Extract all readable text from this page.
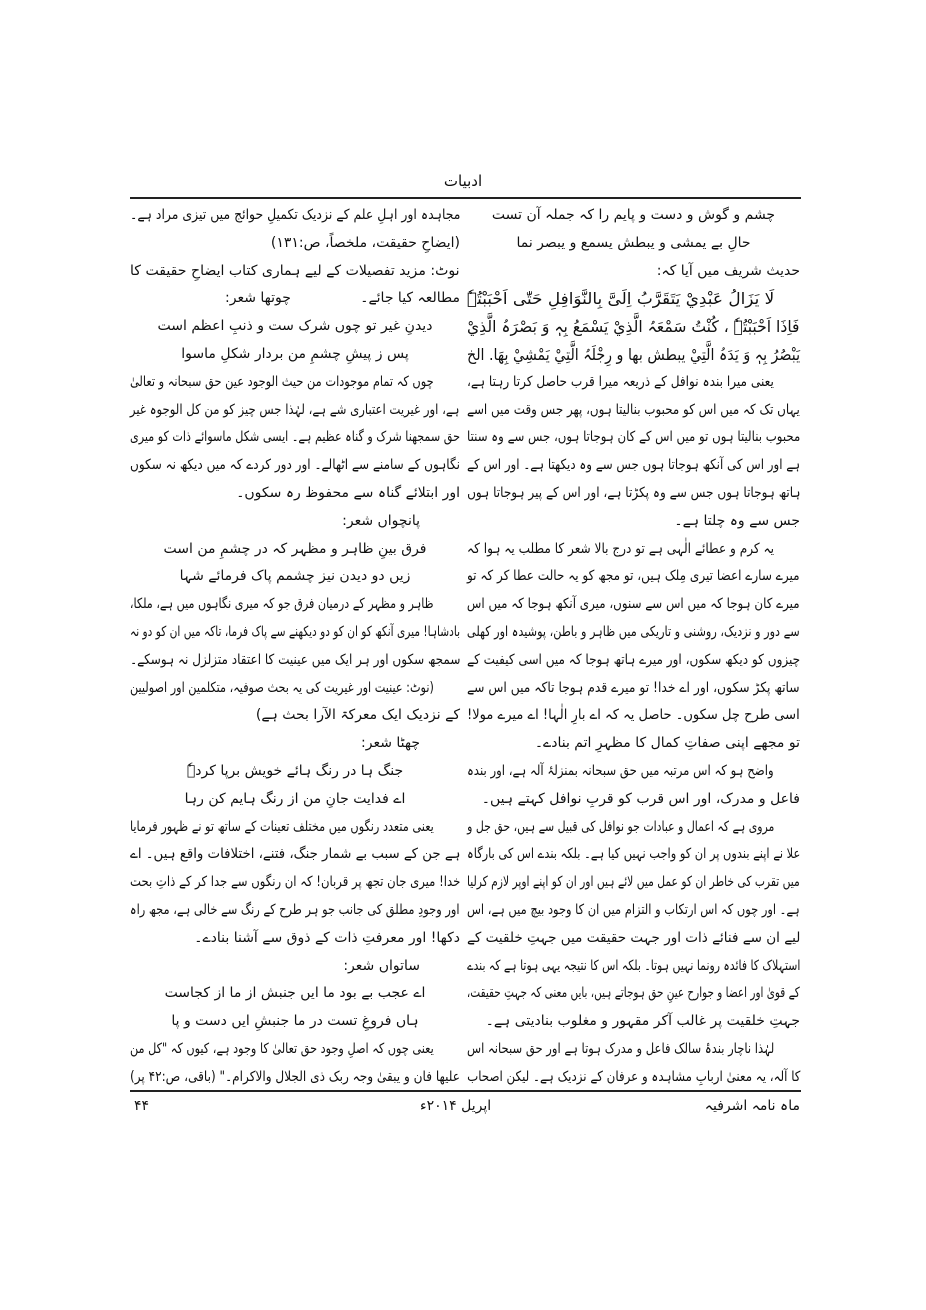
ادبیات
چشم و گوش و دست و پایم را کہ جملہ آن تست
حالِ بے یمشی و یبطش یسمع و یبصر نما
حدیث شریف میں آیا کہ:
لَا یَزَالُ عَبْدِيْ يَتَقَرَّبُ اِلَیَّ بِالنَّوَافِلِ حَتّٰی اَحْبَبْتُہٗ
فَاِذَا اَحْبَبْتُہٗ ، کُنْتُ سَمْعَہُ الَّذِيْ یَسْمَعُ بِہٖ وَ بَصْرَہُ الَّذِيْ
یَبْصُرُ بِہٖ وَ یَدَہُ الَّتِيْ یبطش بها و رِجْلَہُ الَّتِيْ یَمْشِيْ بِهَا. الخ
یعنی میرا بندہ نوافل کے ذریعہ میرا قرب حاصل کرتا رہتا ہے،
یہاں تک کہ میں اس کو محبوب بنالیتا ہوں، پھر جس وقت میں اسے
محبوب بنالیتا ہوں تو میں اس کے کان ہوجاتا ہوں، جس سے وہ سنتا
ہے اور اس کی آنکھ ہوجاتا ہوں جس سے وہ دیکھتا ہے۔ اور اس کے
ہاتھ ہوجاتا ہوں جس سے وہ پکڑتا ہے، اور اس کے پیر ہوجاتا ہوں
جس سے وہ چلتا ہے۔
یہ کرم و عطائے الٰہی ہے تو درج بالا شعر کا مطلب یہ ہوا کہ
میرے سارے اعضا تیری مِلک ہیں، تو مجھ کو یہ حالت عطا کر کہ تو
میرے کان ہوجا کہ میں اس سے سنوں، میری آنکھ ہوجا کہ میں اس
سے دور و نزدیک، روشنی و تاریکی میں ظاہر و باطن، پوشیدہ اور کھلی
چیزوں کو دیکھ سکوں، اور میرے ہاتھ ہوجا کہ میں اسی کیفیت کے
ساتھ پکڑ سکوں، اور اے خدا! تو میرے قدم ہوجا تاکہ میں اس سے
اسی طرح چل سکوں۔ حاصل یہ کہ اے بارِ الٰہا! اے میرے مولا!
تو مجھے اپنی صفاتِ کمال کا مظہرِ اتم بنادے۔
واضح ہو کہ اس مرتبہ میں حق سبحانہ بمنزلۂ آلہ ہے، اور بندہ
فاعل و مدرک، اور اس قرب کو قربِ نوافل کہتے ہیں۔
مروی ہے کہ اعمال و عبادات جو نوافل کی قبیل سے ہیں، حق جل و
علا نے اپنے بندوں پر ان کو واجب نہیں کیا ہے۔ بلکہ بندے اس کی بارگاہ
میں تقرب کی خاطر ان کو عمل میں لائے ہیں اور ان کو اپنے اوپر لازم کرلیا
ہے۔ اور چوں کہ اس ارتکاب و التزام میں ان کا وجود بیچ میں ہے، اس
لیے ان سے فنائے ذات اور جہت حقیقت میں جہتِ خلقیت کے
استہلاک کا فائدہ رونما نہیں ہوتا۔ بلکہ اس کا نتیجہ یہی ہوتا ہے کہ بندے
کے قویٰ اور اعضا و جوارح عینِ حق ہوجاتے ہیں، بایں معنی کہ جہتِ حقیقت،
جہتِ خلقیت پر غالب آکر مقہور و مغلوب بنادیتی ہے۔
لہٰذا ناچار بندۂ سالک فاعل و مدرک ہوتا ہے اور حق سبحانہ اس
کا آلہ، یہ معنیٰ اربابِ مشاہدہ و عرفان کے نزدیک ہے۔ لیکن اصحاب
مجاہدہ اور اہلِ علم کے نزدیک تکمیلِ حوائج میں تیزی مراد ہے۔
(ایضاحِ حقیقت، ملخصاً، ص:۱۳۱)
نوٹ: مزید تفصیلات کے لیے ہماری کتاب ایضاحِ حقیقت کا
مطالعہ کیا جائے۔
چوتھا شعر:
دیدنِ غیر تو چوں شرک ست و ذنبِ اعظم است
پس ز پیشِ چشمِ من بردار شکلِ ماسوا
چوں کہ تمام موجودات من حیث الوجود عین حق سبحانہ و تعالیٰ
ہے، اور غیریت اعتباری شے ہے، لہٰذا جس چیز کو من کل الوجوہ غیر
حق سمجھنا شرک و گناہ عظیم ہے۔ ایسی شکل ماسوائے ذات کو میری
نگاہوں کے سامنے سے اٹھالے۔ اور دور کردے کہ میں دیکھ نہ سکوں
اور ابتلائے گناہ سے محفوظ رہ سکوں۔
پانچواں شعر:
فرق بینِ ظاہر و مظہر کہ در چشمِ من است
زیں دو دیدن نیز چشمم پاک فرمائے شہا
ظاہر و مظہر کے درمیان فرق جو کہ میری نگاہوں میں ہے، ملکا،
بادشاہا! میری آنکھ کو ان کو دو دیکھنے سے پاک فرما، تاکہ میں ان کو دو نہ
سمجھ سکوں اور ہر ایک میں عینیت کا اعتقاد متزلزل نہ ہوسکے۔
(نوٹ: عینیت اور غیریت کی یہ بحث صوفیہ، متکلمین اور اصولیین
کے نزدیک ایک معرکۃ الآرا بحث ہے)
چھٹا شعر:
جنگ ہا در رنگ ہائے خویش برپا کردہٗ
اے فدایت جانِ من از رنگ ہایم کن رہا
یعنی متعدد رنگوں میں مختلف تعینات کے ساتھ تو نے ظہور فرمایا
ہے جن کے سبب بے شمار جنگ، فتنے، اختلافات واقع ہیں۔ اے
خدا! میری جان تجھ پر قربان! کہ ان رنگوں سے جدا کر کے ذاتِ بحت
اور وجودِ مطلق کی جانب جو ہر طرح کے رنگ سے خالی ہے، مجھ راہ
دکھا! اور معرفتِ ذات کے ذوق سے آشنا بنادے۔
ساتواں شعر:
اے عجب بے بود ما ایں جنبش از ما از کجاست
ہاں فروغِ تست در ما جنبشِ ایں دست و پا
یعنی چوں کہ اصلِ وجود حق تعالیٰ کا وجود ہے، کیوں کہ "کل من
علیها فان و یبقیٰ وجہ ربک ذی الجلال والاکرام۔" (باقی، ص:۴۲ پر)
ماہ نامہ اشرفیہ
اپریل ۲۰۱۴ء
۴۴
